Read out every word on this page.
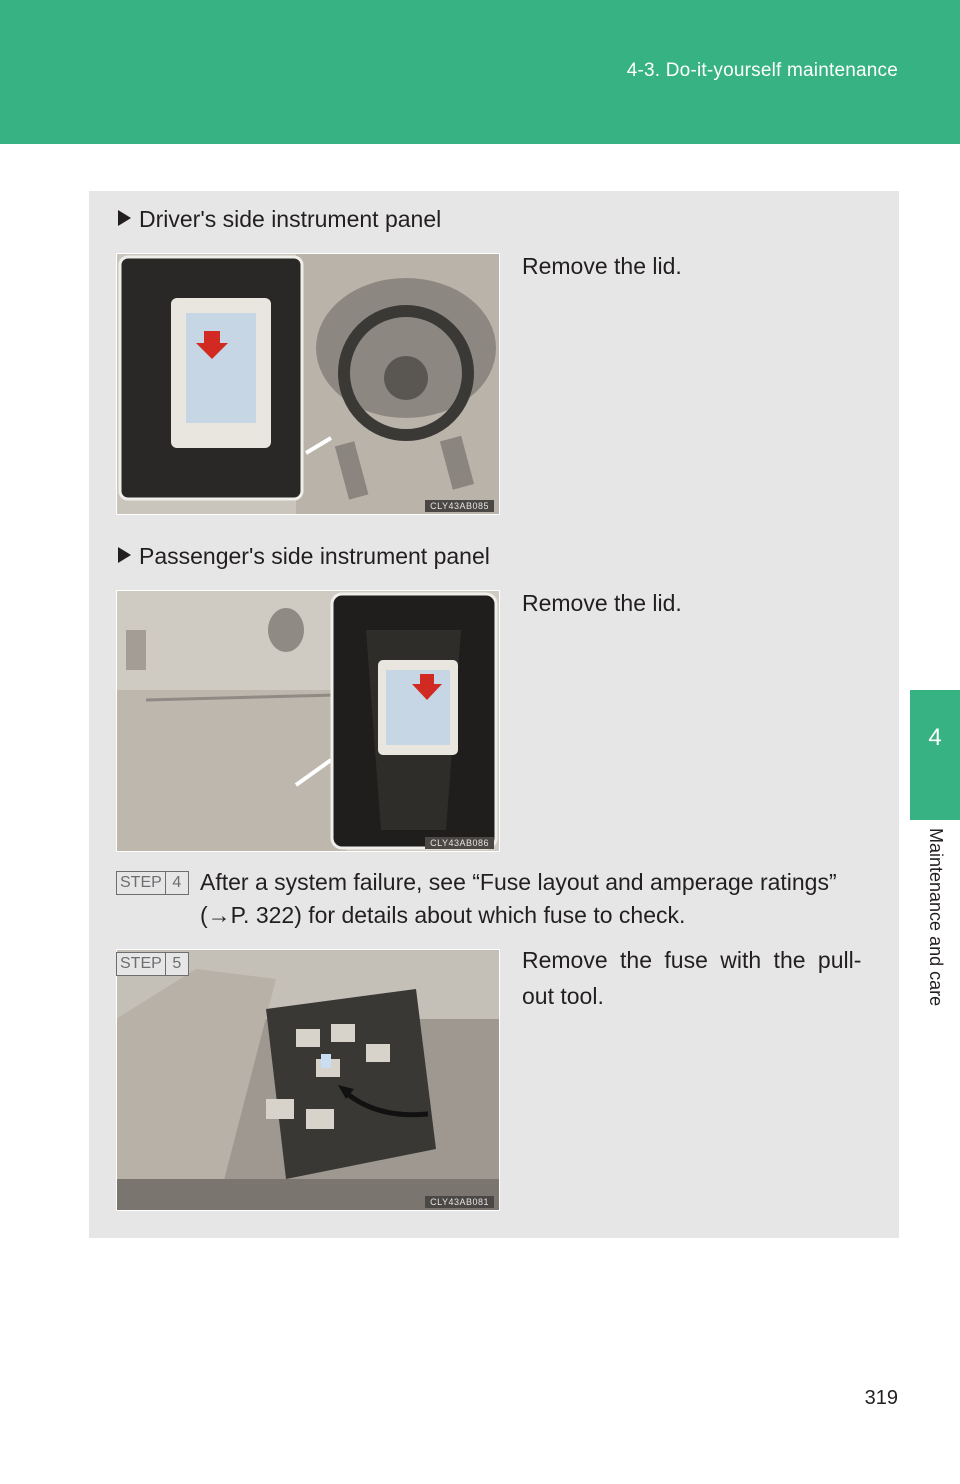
4-3. Do-it-yourself maintenance
4
Maintenance and care
Driver's side instrument panel
CLY43AB085
Remove the lid.
Passenger's side instrument panel
CLY43AB086
Remove the lid.
STEP 4 After a system failure, see “Fuse layout and amperage ratings”
(→P. 322) for details about which fuse to check.
CLY43AB081
STEP 5	Remove the fuse with the pull-
out tool.
319
